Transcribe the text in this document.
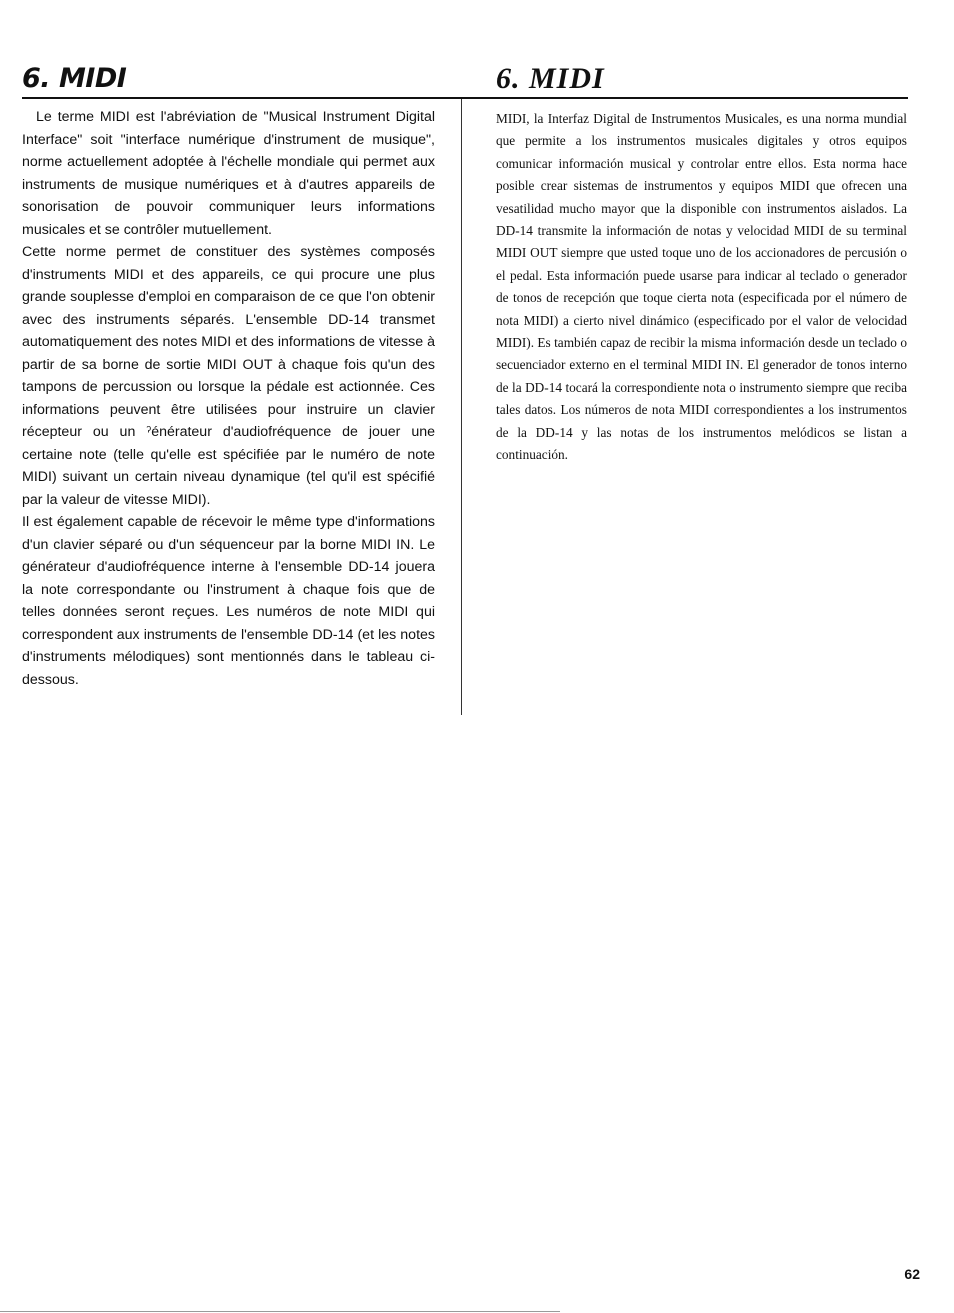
6. MIDI	6. MIDI

Le terme MIDI est l'abréviation de "Musical Instrument Digital Interface" soit "interface numérique d'instrument de musique", norme actuellement adoptée à l'échelle mondiale qui permet aux instruments de musique numériques et à d'autres appareils de sonorisation de pouvoir communiquer leurs informations musicales et se contrôler mutuellement.

Cette norme permet de constituer des systèmes composés d'instruments MIDI et des appareils, ce qui procure une plus grande souplesse d'emploi en comparaison de ce que l'on obtenir avec des instruments séparés. L'ensemble DD-14 transmet automatiquement des notes MIDI et des informations de vitesse à partir de sa borne de sortie MIDI OUT à chaque fois qu'un des tampons de percussion ou lorsque la pédale est actionnée. Ces informations peuvent être utilisées pour instruire un clavier récepteur ou un ˀénérateur d'audiofréquence de jouer une certaine note (telle qu'elle est spécifiée par le numéro de note MIDI) suivant un certain niveau dynamique (tel qu'il est spécifié par la valeur de vitesse MIDI).

Il est également capable de récevoir le même type d'informations d'un clavier séparé ou d'un séquenceur par la borne MIDI IN. Le générateur d'audiofréquence interne à l'ensemble DD-14 jouera la note correspondante ou l'instrument à chaque fois que de telles données seront reçues. Les numéros de note MIDI qui correspondent aux instruments de l'ensemble DD-14 (et les notes d'instruments mélodiques) sont mentionnés dans le tableau ci-dessous.

MIDI, la Interfaz Digital de Instrumentos Musicales, es una norma mundial que permite a los instrumentos musicales digitales y otros equipos comunicar información musical y controlar entre ellos. Esta norma hace posible crear sistemas de instrumentos y equipos MIDI que ofrecen una vesatilidad mucho mayor que la disponible con instrumentos aislados. La DD-14 transmite la información de notas y velocidad MIDI de su terminal MIDI OUT siempre que usted toque uno de los accionadores de percusión o el pedal. Esta información puede usarse para indicar al teclado o generador de tonos de recepción que toque cierta nota (especificada por el número de nota MIDI) a cierto nivel dinámico (especificado por el valor de velocidad MIDI). Es también capaz de recibir la misma información desde un teclado o secuenciador externo en el terminal MIDI IN. El generador de tonos interno de la DD-14 tocará la correspondiente nota o instrumento siempre que reciba tales datos. Los números de nota MIDI correspondientes a los instrumentos de la DD-14 y las notas de los instrumentos melódicos se listan a continuación.

62
